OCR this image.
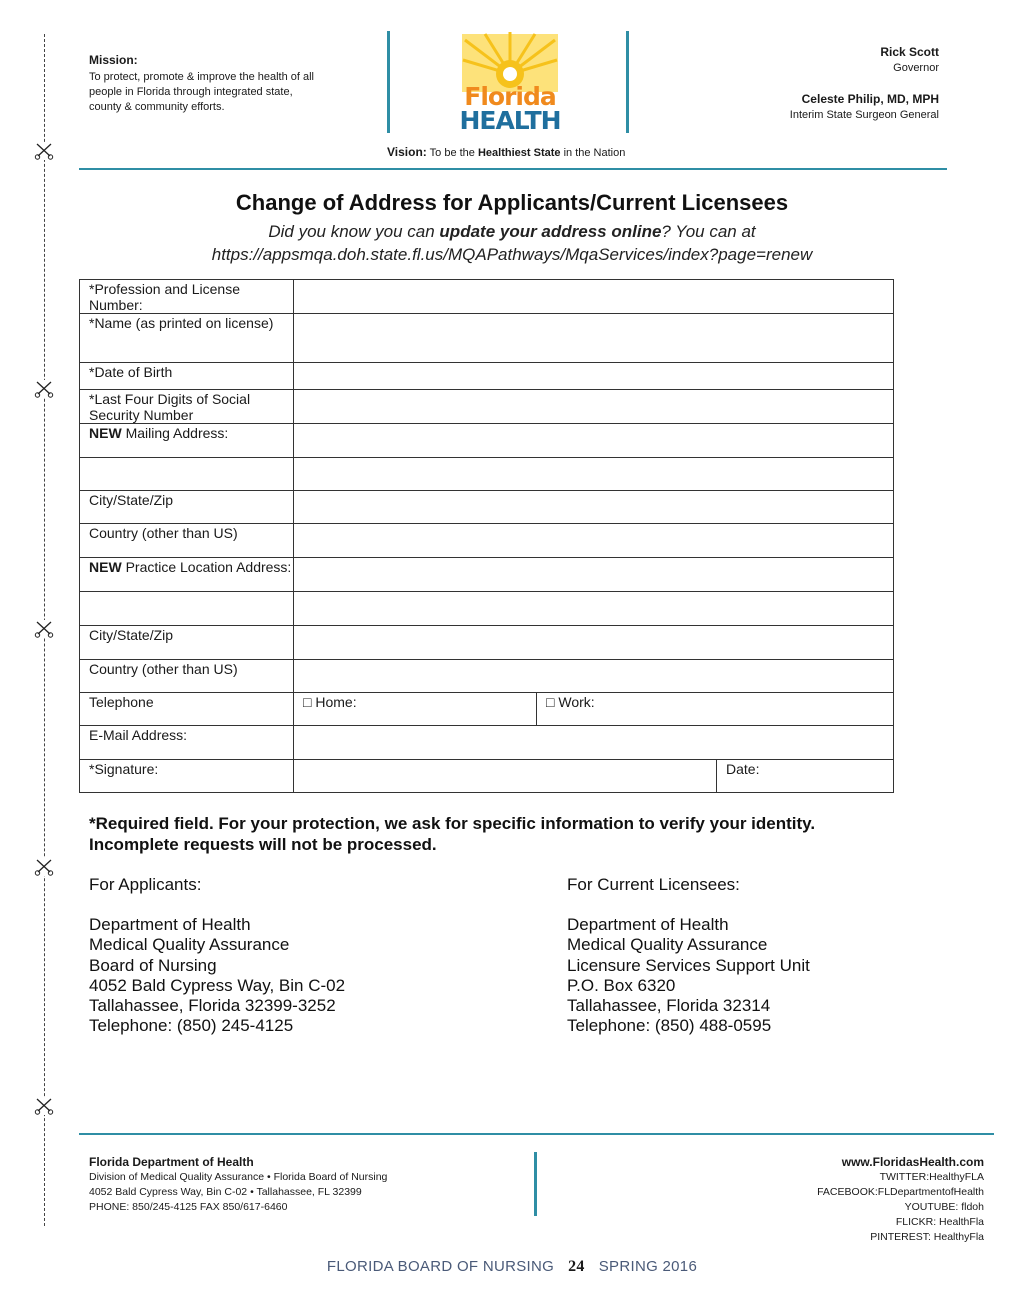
Mission:
To protect, promote & improve the health of all people in Florida through integrated state, county & community efforts.	Florida
HEALTH
Rick Scott
Governor
Celeste Philip, MD, MPH
Interim State Surgeon General
Vision: To be the Healthiest State in the Nation
Change of Address for Applicants/Current Licensees
Did you know you can update your address online? You can at
https://appsmqa.doh.state.fl.us/MQAPathways/MqaServices/index?page=renew
*Profession and License Number:			

*Name (as printed on license)			

*Date of Birth			

*Last Four Digits of Social Security Number			

NEW Mailing Address:			

City/State/Zip			

Country (other than US)			

NEW Practice Location Address:			

City/State/Zip			

Country (other than US)			

Telephone	□ Home:	□ Work:	

E-Mail Address:			

*Signature:			Date:
*Required field. For your protection, we ask for specific information to verify your identity.
Incomplete requests will not be processed.
For Applicants:
Department of Health
Medical Quality Assurance
Board of Nursing
4052 Bald Cypress Way, Bin C-02
Tallahassee, Florida 32399-3252
Telephone: (850) 245-4125
For Current Licensees:
Department of Health
Medical Quality Assurance
Licensure Services Support Unit
P.O. Box 6320
Tallahassee, Florida 32314
Telephone: (850) 488-0595
Florida Department of Health
Division of Medical Quality Assurance • Florida Board of Nursing
4052 Bald Cypress Way, Bin C-02 • Tallahassee, FL 32399
PHONE: 850/245-4125 FAX 850/617-6460
www.FloridasHealth.com
TWITTER:HealthyFLA
FACEBOOK:FLDepartmentofHealth
YOUTUBE: fldoh
FLICKR: HealthFla
PINTEREST: HealthyFla
FLORIDA BOARD OF NURSING 24 SPRING 2016
